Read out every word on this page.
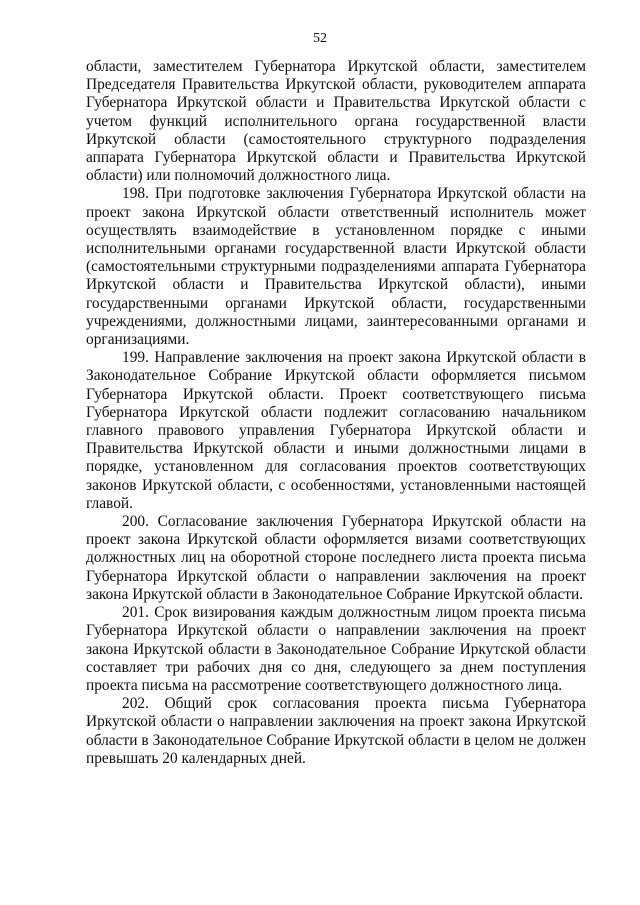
52

области, заместителем Губернатора Иркутской области, заместителем Председателя Правительства Иркутской области, руководителем аппарата Губернатора Иркутской области и Правительства Иркутской области с учетом функций исполнительного органа государственной власти Иркутской области (самостоятельного структурного подразделения аппарата Губернатора Иркутской области и Правительства Иркутской области) или полномочий должностного лица.

198. При подготовке заключения Губернатора Иркутской области на проект закона Иркутской области ответственный исполнитель может осуществлять взаимодействие в установленном порядке с иными исполнительными органами государственной власти Иркутской области (самостоятельными структурными подразделениями аппарата Губернатора Иркутской области и Правительства Иркутской области), иными государственными органами Иркутской области, государственными учреждениями, должностными лицами, заинтересованными органами и организациями.

199. Направление заключения на проект закона Иркутской области в Законодательное Собрание Иркутской области оформляется письмом Губернатора Иркутской области. Проект соответствующего письма Губернатора Иркутской области подлежит согласованию начальником главного правового управления Губернатора Иркутской области и Правительства Иркутской области и иными должностными лицами в порядке, установленном для согласования проектов соответствующих законов Иркутской области, с особенностями, установленными настоящей главой.

200. Согласование заключения Губернатора Иркутской области на проект закона Иркутской области оформляется визами соответствующих должностных лиц на оборотной стороне последнего листа проекта письма Губернатора Иркутской области о направлении заключения на проект закона Иркутской области в Законодательное Собрание Иркутской области.

201. Срок визирования каждым должностным лицом проекта письма Губернатора Иркутской области о направлении заключения на проект закона Иркутской области в Законодательное Собрание Иркутской области составляет три рабочих дня со дня, следующего за днем поступления проекта письма на рассмотрение соответствующего должностного лица.

202. Общий срок согласования проекта письма Губернатора Иркутской области о направлении заключения на проект закона Иркутской области в Законодательное Собрание Иркутской области в целом не должен превышать 20 календарных дней.
